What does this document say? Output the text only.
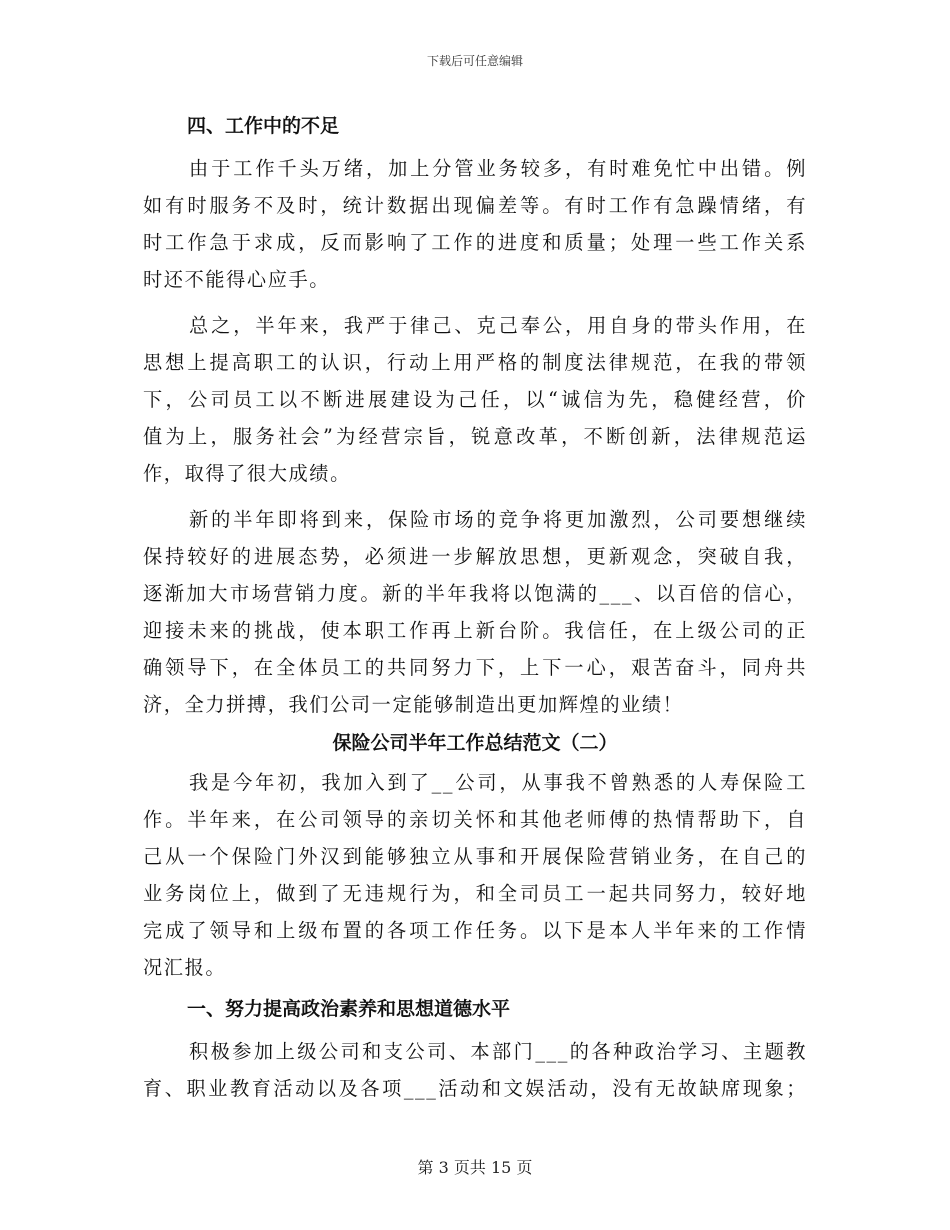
下载后可任意编辑
四、工作中的不足
由于工作千头万绪，加上分管业务较多，有时难免忙中出错。例
如有时服务不及时，统计数据出现偏差等。有时工作有急躁情绪，有
时工作急于求成，反而影响了工作的进度和质量；处理一些工作关系
时还不能得心应手。
总之，半年来，我严于律己、克己奉公，用自身的带头作用，在
思想上提高职工的认识，行动上用严格的制度法律规范，在我的带领
下，公司员工以不断进展建设为己任，以“诚信为先，稳健经营，价
值为上，服务社会”为经营宗旨，锐意改革，不断创新，法律规范运
作，取得了很大成绩。
新的半年即将到来，保险市场的竞争将更加激烈，公司要想继续
保持较好的进展态势，必须进一步解放思想，更新观念，突破自我，
逐渐加大市场营销力度。新的半年我将以饱满的___、以百倍的信心，
迎接未来的挑战，使本职工作再上新台阶。我信任，在上级公司的正
确领导下，在全体员工的共同努力下，上下一心，艰苦奋斗，同舟共
济，全力拼搏，我们公司一定能够制造出更加辉煌的业绩！
保险公司半年工作总结范文（二）
我是今年初，我加入到了__公司，从事我不曾熟悉的人寿保险工
作。半年来，在公司领导的亲切关怀和其他老师傅的热情帮助下，自
己从一个保险门外汉到能够独立从事和开展保险营销业务，在自己的
业务岗位上，做到了无违规行为，和全司员工一起共同努力，较好地
完成了领导和上级布置的各项工作任务。以下是本人半年来的工作情
况汇报。
一、努力提高政治素养和思想道德水平
积极参加上级公司和支公司、本部门___的各种政治学习、主题教
育、职业教育活动以及各项___活动和文娱活动，没有无故缺席现象；
第 3 页共 15 页
